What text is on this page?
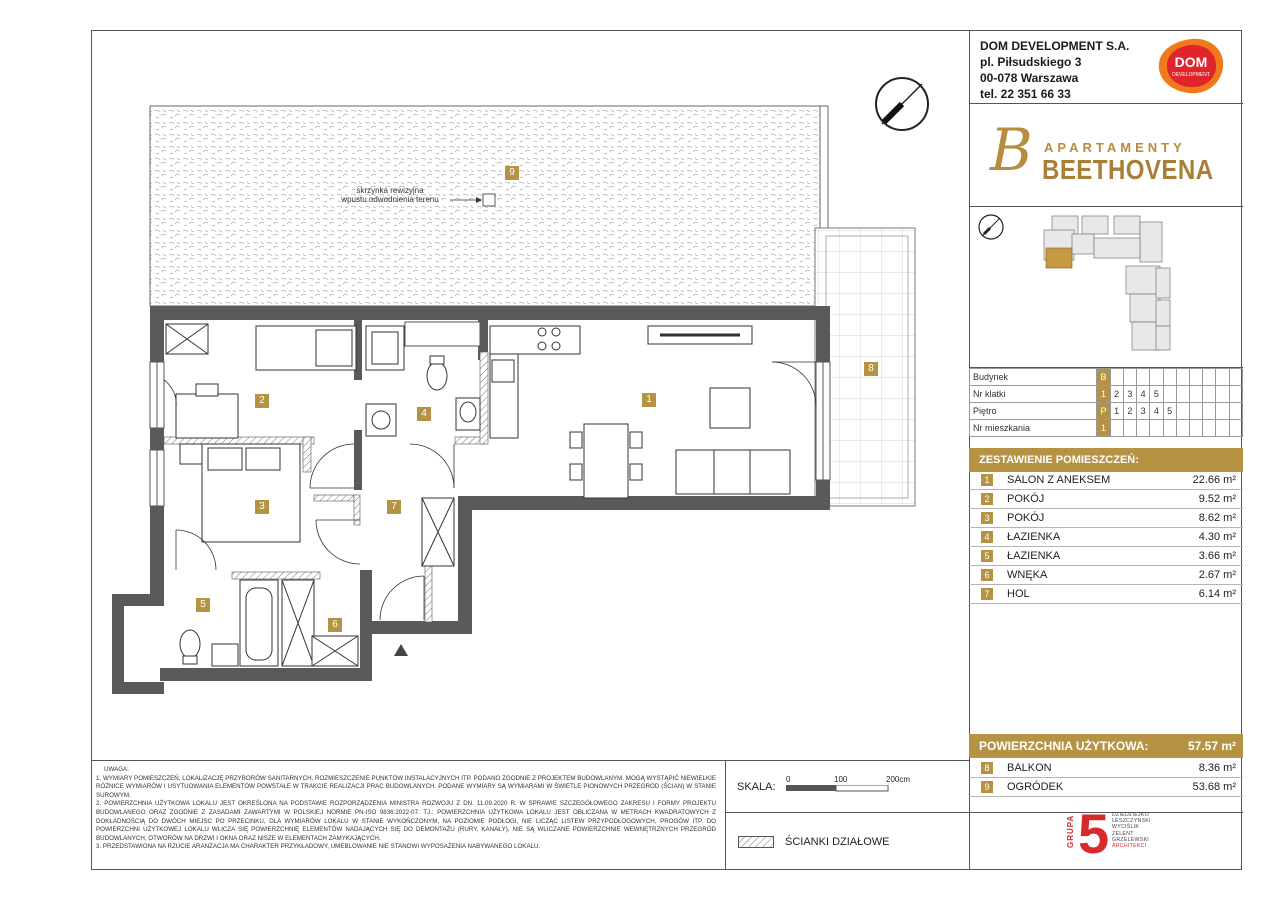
DOM DEVELOPMENT S.A.
pl. Piłsudskiego 3
00-078 Warszawa
tel. 22 351 66 33
DOM
DEVELOPMENT
B APARTAMENTY
BEETHOVENA
Budynek	B										
Nr klatki	1	2	3	4	5						
Piętro	P	1	2	3	4	5					
Nr mieszkania	1										
ZESTAWIENIE POMIESZCZEŃ:
1	SALON Z ANEKSEM	22.66 m²
2	POKÓJ	9.52 m²
3	POKÓJ	8.62 m²
4	ŁAZIENKA	4.30 m²
5	ŁAZIENKA	3.66 m²
6	WNĘKA	2.67 m²
7	HOL	6.14 m²
POWIERZCHNIA UŻYTKOWA:	57.57 m²
8	BALKON	8.36 m²
9	OGRÓDEK	53.68 m²
9
8
1
2
3
4
5
6
7
skrzynka rewizyjna
wpustu odwodnienia terenu

UWAGA:

1. WYMIARY POMIESZCZEŃ, LOKALIZACJĘ PRZYBORÓW SANITARNYCH, ROZMIESZCZENIE PUNKTÓW INSTALACYJNYCH ITP. PODANO ZGODNIE Z PROJEKTEM BUDOWLANYM. MOGĄ WYSTĄPIĆ NIEWIELKIE RÓŻNICE WYMIARÓW I USYTUOWANIA ELEMENTÓW POWSTAŁE W TRAKCIE REALIZACJI PRAC BUDOWLANYCH. PODANE WYMIARY SĄ WYMIARAMI W ŚWIETLE PIONOWYCH PRZEGRÓD (ŚCIAN) W STANIE SUROWYM.

2. POWIERZCHNIA UŻYTKOWA LOKALU JEST OKREŚLONA NA PODSTAWIE ROZPORZĄDZENIA MINISTRA ROZWOJU Z DN. 11.09.2020 R. W SPRAWIE SZCZEGÓŁOWEGO ZAKRESU I FORMY PROJEKTU BUDOWLANEGO ORAZ ZGODNIE Z ZASADAMI ZAWARTYMI W POLSKIEJ NORMIE PN-ISO 9836:2022-07. TJ.: POWIERZCHNIA UŻYTKOWA LOKALU JEST OBLICZANA W METRACH KWADRATOWYCH Z DOKŁADNOŚCIĄ DO DWÓCH MIEJSC PO PRZECINKU, DLA WYMIARÓW LOKALU W STANIE WYKOŃCZONYM, NA POZIOMIE PODŁOGI, NIE LICZĄC LISTEW PRZYPODŁOGOWYCH, PROGÓW ITP. DO POWIERZCHNI UŻYTKOWEJ LOKALU WLICZA SIĘ POWIERZCHNIĘ ELEMENTÓW NADAJĄCYCH SIĘ DO DEMONTAŻU (RURY, KANAŁY), NIE SĄ WLICZANE POWIERZCHNIE WEWNĘTRZNYCH PRZEGRÓD BUDOWLANYCH, OTWORÓW NA DRZWI I OKNA ORAZ NISZE W ELEMENTACH ZAMYKAJĄCYCH.

3. PRZEDSTAWIONA NA RZUCIE ARANŻACJA MA CHARAKTER PRZYKŁADOWY, UMEBLOWANIE NIE STANOWI WYPOSAŻENIA NABYWANEGO LOKALU.

SKALA:
0	100	200cm
ŚCIANKI DZIAŁOWE	GRUPA 5 DZIEDZIEJKO
LESZCZYŃSKI
WYCIŚLIK
ZELENT
GRZELEWSKI
ARCHITEKCI
